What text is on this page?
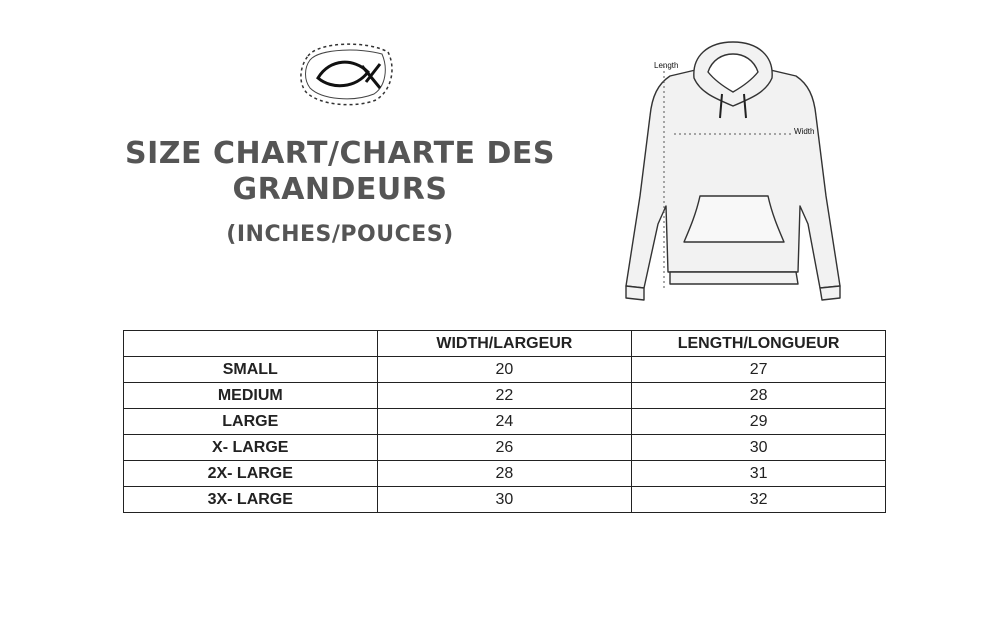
SIZE CHART/CHARTE DES
GRANDEURS
(INCHES/POUCES)
Length
Width
	WIDTH/LARGEUR	LENGTH/LONGUEUR
SMALL	20	27
MEDIUM	22	28
LARGE	24	29
X- LARGE	26	30
2X- LARGE	28	31
3X- LARGE	30	32
